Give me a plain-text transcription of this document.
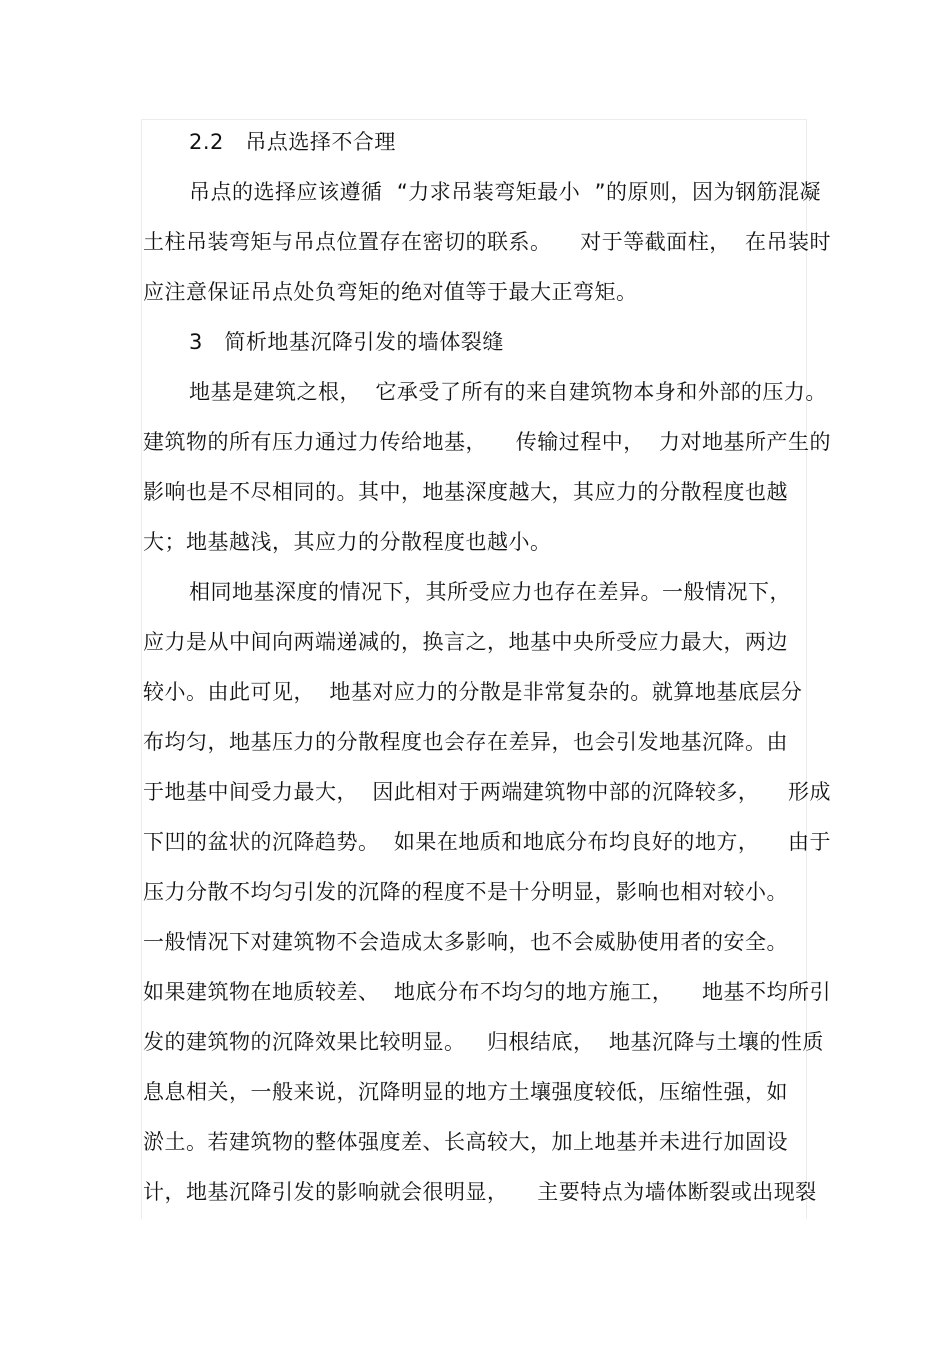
2.2   吊点选择不合理
吊点的选择应该遵循  “力求吊装弯矩最小  ”的原则，因为钢筋混凝
土柱吊装弯矩与吊点位置存在密切的联系。    对于等截面柱，  在吊装时
应注意保证吊点处负弯矩的绝对值等于最大正弯矩。
3   简析地基沉降引发的墙体裂缝
地基是建筑之根，  它承受了所有的来自建筑物本身和外部的压力。
建筑物的所有压力通过力传给地基，    传输过程中，  力对地基所产生的
影响也是不尽相同的。其中，地基深度越大，其应力的分散程度也越
大；地基越浅，其应力的分散程度也越小。
相同地基深度的情况下，其所受应力也存在差异。一般情况下，
应力是从中间向两端递减的，换言之，地基中央所受应力最大，两边
较小。由此可见，  地基对应力的分散是非常复杂的。就算地基底层分
布均匀，地基压力的分散程度也会存在差异，也会引发地基沉降。由
于地基中间受力最大，  因此相对于两端建筑物中部的沉降较多，    形成
下凹的盆状的沉降趋势。  如果在地质和地底分布均良好的地方，    由于
压力分散不均匀引发的沉降的程度不是十分明显，影响也相对较小。
一般情况下对建筑物不会造成太多影响，也不会威胁使用者的安全。
如果建筑物在地质较差、  地底分布不均匀的地方施工，    地基不均所引
发的建筑物的沉降效果比较明显。   归根结底，  地基沉降与土壤的性质
息息相关，一般来说，沉降明显的地方土壤强度较低，压缩性强，如
淤土。若建筑物的整体强度差、长高较大，加上地基并未进行加固设
计，地基沉降引发的影响就会很明显，    主要特点为墙体断裂或出现裂
